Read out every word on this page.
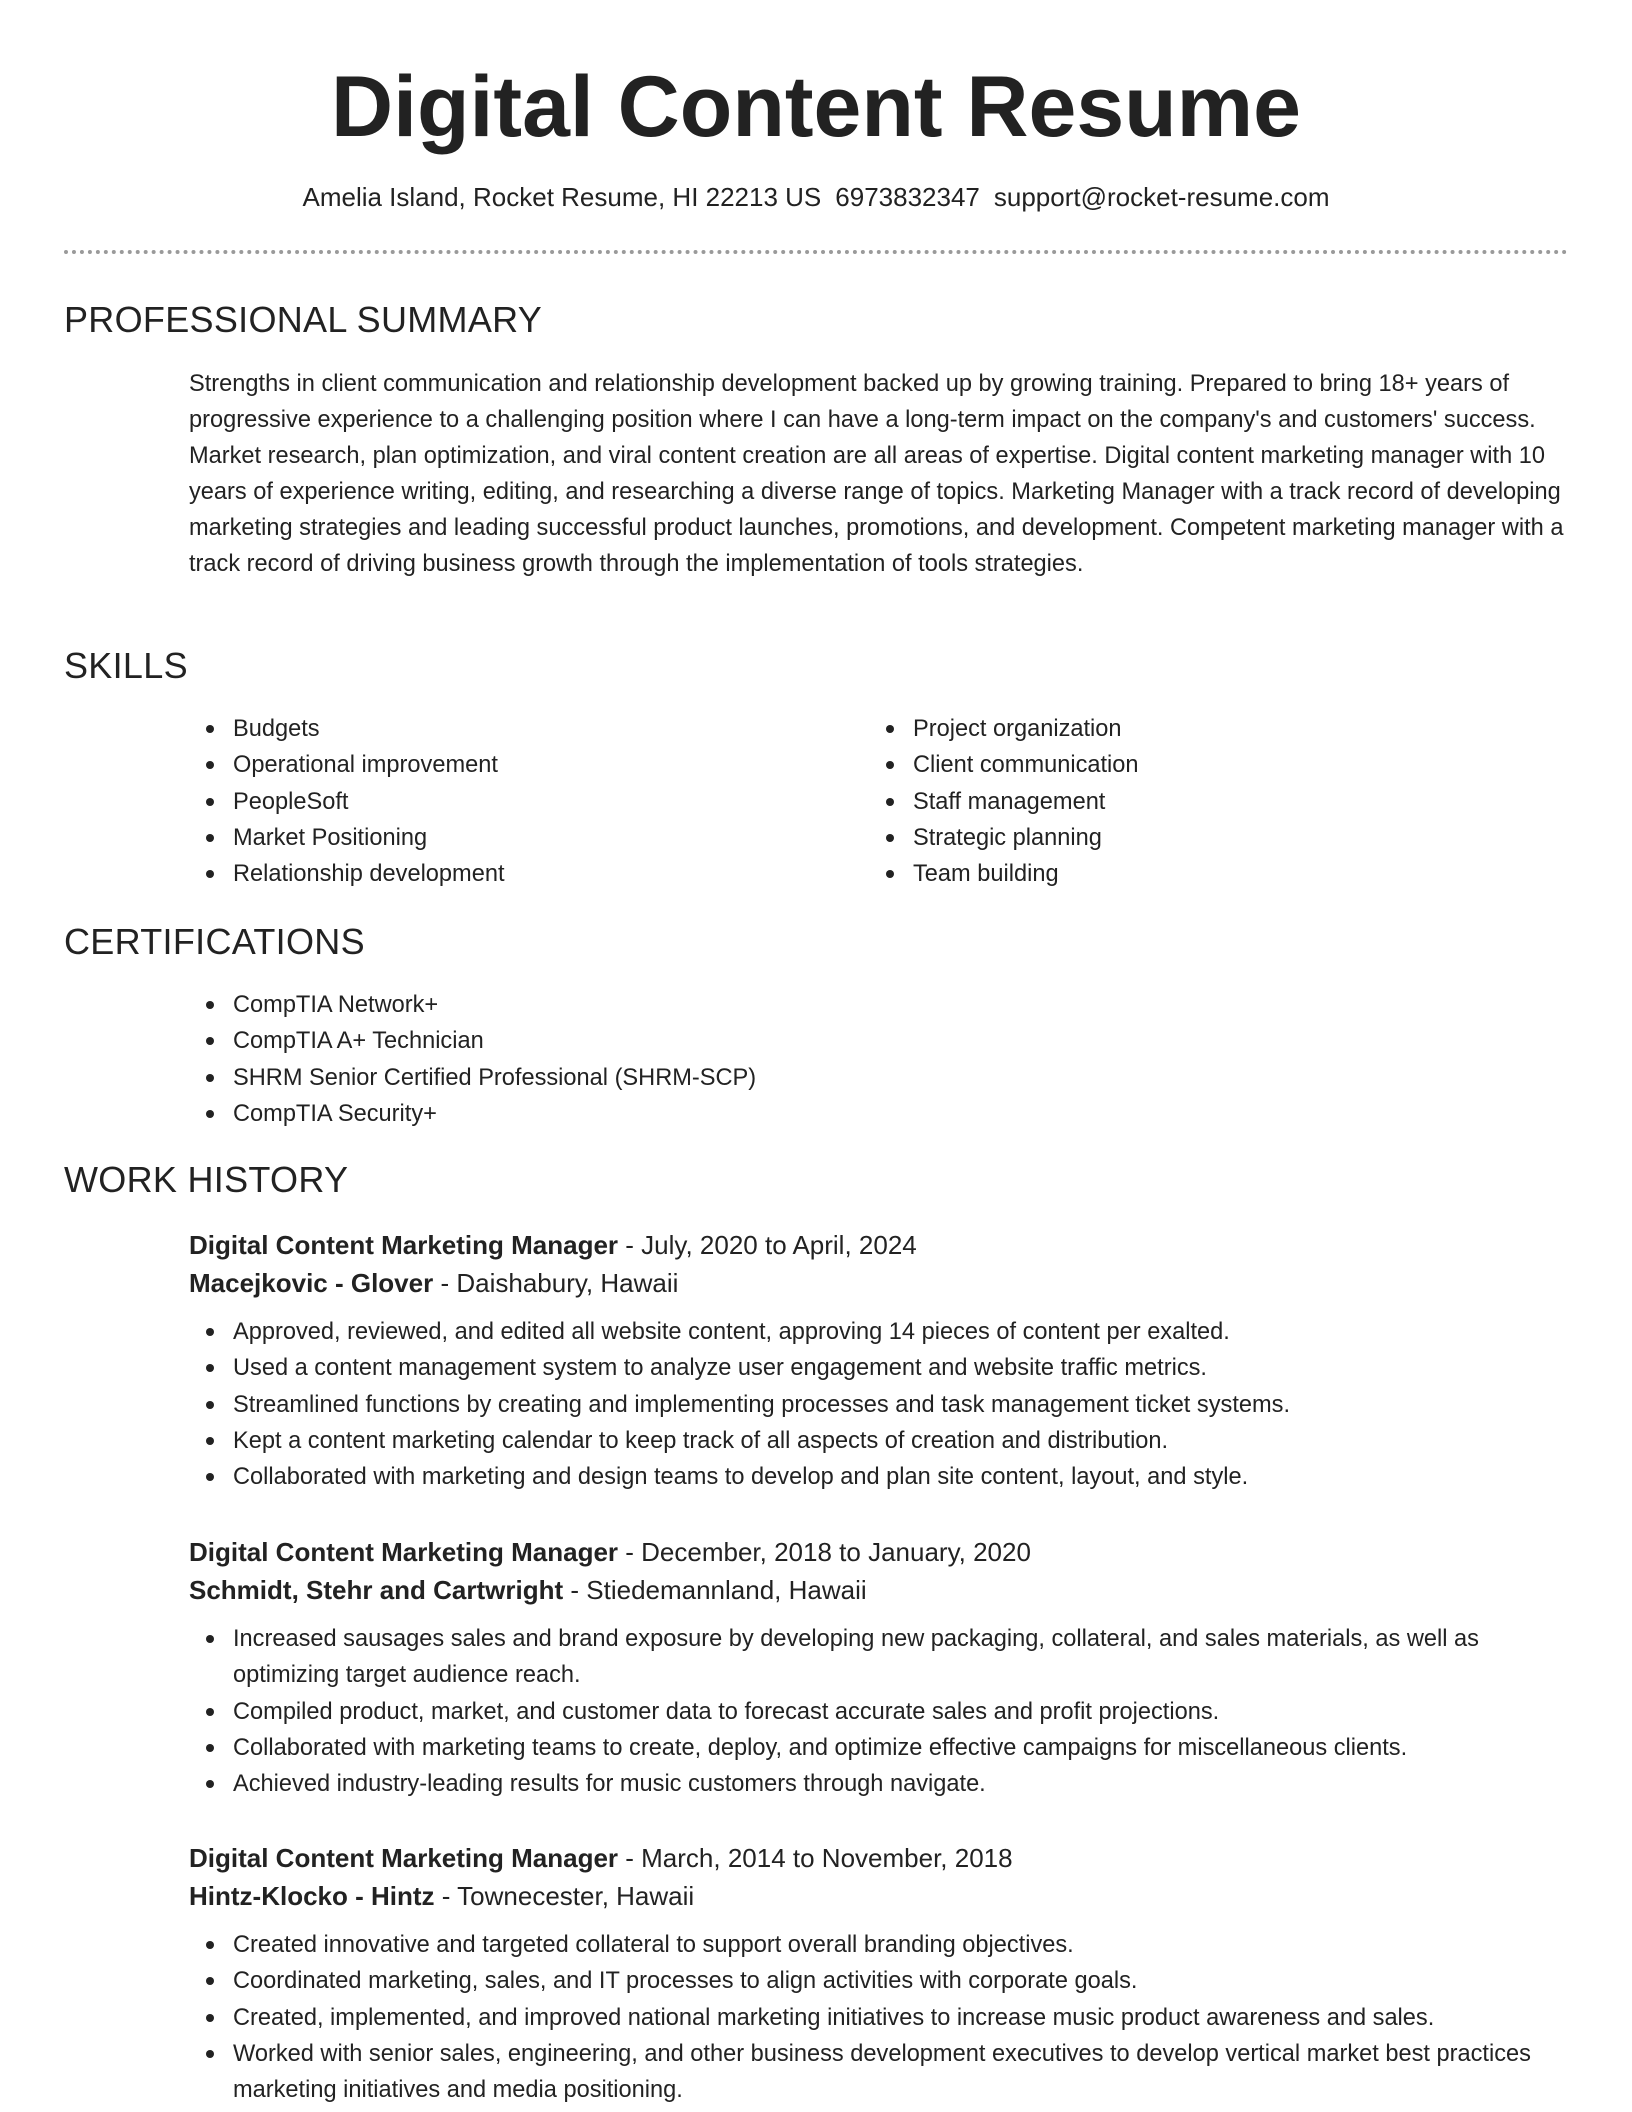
Digital Content Resume
Amelia Island, Rocket Resume, HI 22213 US 6973832347 support@rocket-resume.com
PROFESSIONAL SUMMARY

Strengths in client communication and relationship development backed up by growing training. Prepared to bring 18+ years of progressive experience to a challenging position where I can have a long-term impact on the company's and customers' success. Market research, plan optimization, and viral content creation are all areas of expertise. Digital content marketing manager with 10 years of experience writing, editing, and researching a diverse range of topics. Marketing Manager with a track record of developing marketing strategies and leading successful product launches, promotions, and development. Competent marketing manager with a track record of driving business growth through the implementation of tools strategies.

SKILLS
Budgets
Operational improvement
PeopleSoft
Market Positioning
Relationship development
Project organization
Client communication
Staff management
Strategic planning
Team building
CERTIFICATIONS
CompTIA Network+
CompTIA A+ Technician
SHRM Senior Certified Professional (SHRM-SCP)
CompTIA Security+
WORK HISTORY
Digital Content Marketing Manager - July, 2020 to April, 2024
Macejkovic - Glover - Daishabury, Hawaii
Approved, reviewed, and edited all website content, approving 14 pieces of content per exalted.
Used a content management system to analyze user engagement and website traffic metrics.
Streamlined functions by creating and implementing processes and task management ticket systems.
Kept a content marketing calendar to keep track of all aspects of creation and distribution.
Collaborated with marketing and design teams to develop and plan site content, layout, and style.
Digital Content Marketing Manager - December, 2018 to January, 2020
Schmidt, Stehr and Cartwright - Stiedemannland, Hawaii
Increased sausages sales and brand exposure by developing new packaging, collateral, and sales materials, as well as optimizing target audience reach.
Compiled product, market, and customer data to forecast accurate sales and profit projections.
Collaborated with marketing teams to create, deploy, and optimize effective campaigns for miscellaneous clients.
Achieved industry-leading results for music customers through navigate.
Digital Content Marketing Manager - March, 2014 to November, 2018
Hintz-Klocko - Hintz - Townecester, Hawaii
Created innovative and targeted collateral to support overall branding objectives.
Coordinated marketing, sales, and IT processes to align activities with corporate goals.
Created, implemented, and improved national marketing initiatives to increase music product awareness and sales.
Worked with senior sales, engineering, and other business development executives to develop vertical market best practices marketing initiatives and media positioning.
